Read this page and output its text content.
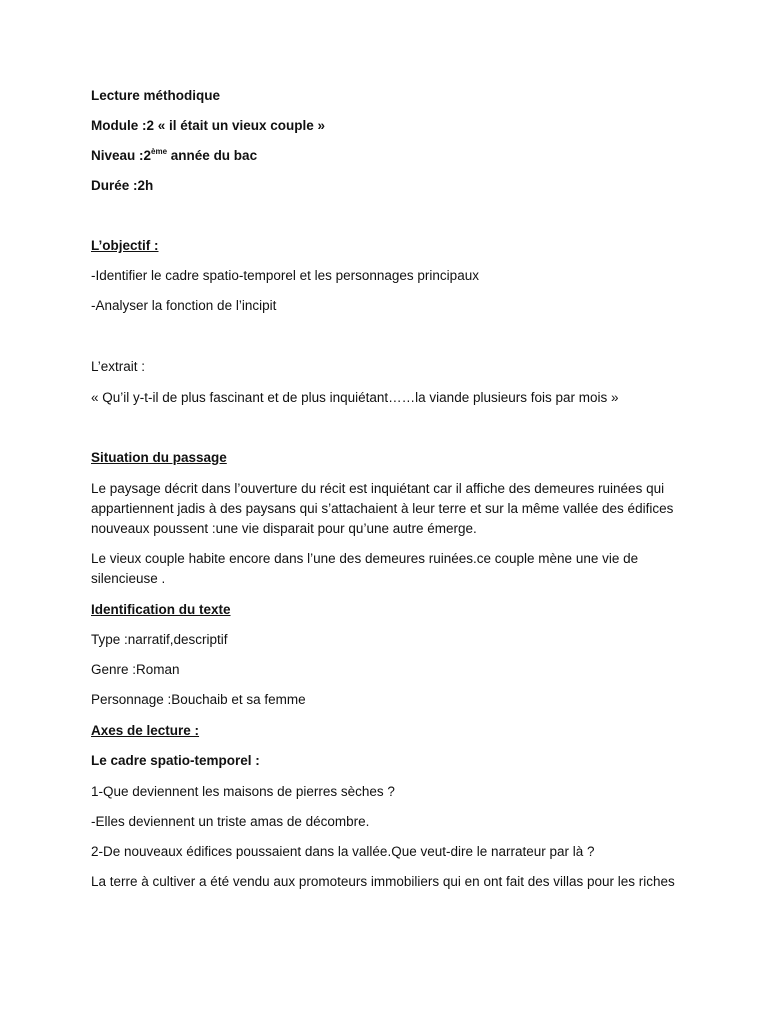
Lecture méthodique

Module :2 « il était un vieux couple »

Niveau :2ème année du bac

Durée :2h

L’objectif :

-Identifier le cadre spatio-temporel et les personnages principaux

-Analyser la fonction de l’incipit

L’extrait :

« Qu’il y-t-il de plus fascinant et de plus inquiétant……la viande plusieurs fois par mois »

Situation du passage

Le paysage décrit dans l’ouverture du récit est inquiétant car il affiche des demeures ruinées qui appartiennent jadis à des paysans qui s’attachaient à leur terre et sur la même vallée des édifices nouveaux poussent :une vie disparait pour qu’une autre émerge.

Le vieux couple habite encore dans l’une des demeures ruinées.ce couple mène une vie de silencieuse .

Identification du texte

Type :narratif,descriptif

Genre :Roman

Personnage :Bouchaib et sa femme

Axes de lecture :

Le cadre spatio-temporel :

1-Que deviennent les maisons de pierres sèches ?

-Elles deviennent un triste amas de décombre.

2-De nouveaux édifices poussaient dans la vallée.Que veut-dire le narrateur par là ?

La terre à cultiver a été vendu aux promoteurs immobiliers qui en ont fait des villas pour les riches
